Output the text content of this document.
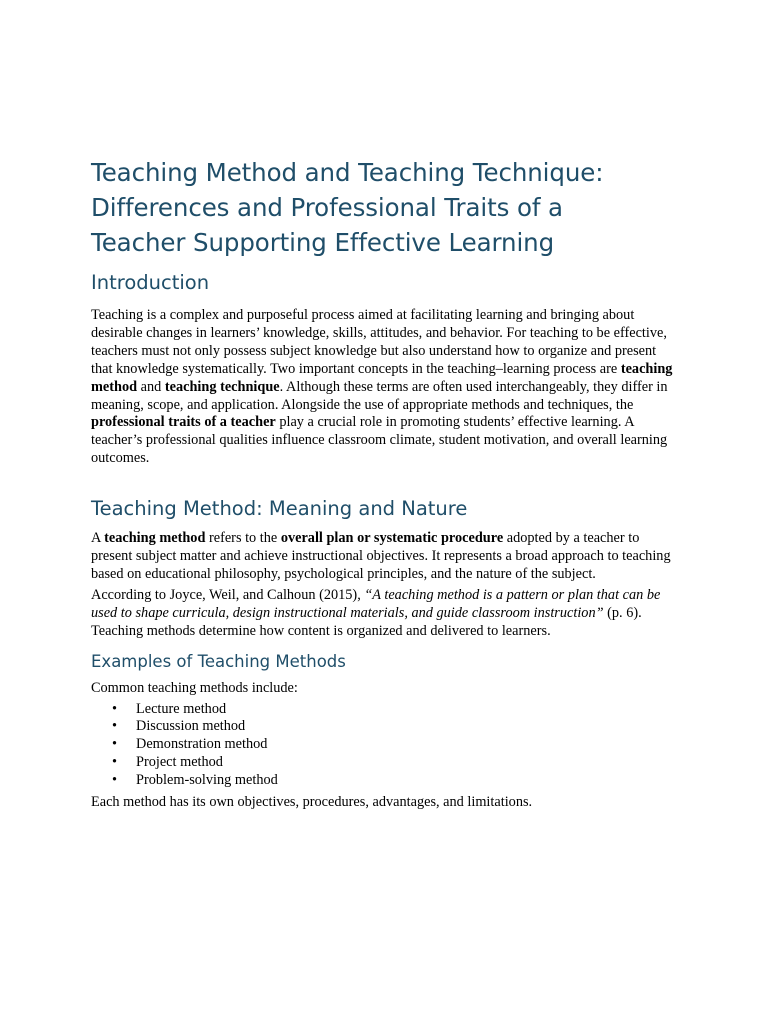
Teaching Method and Teaching Technique:
Differences and Professional Traits of a
Teacher Supporting Effective Learning
Introduction

Teaching is a complex and purposeful process aimed at facilitating learning and bringing about desirable changes in learners’ knowledge, skills, attitudes, and behavior. For teaching to be effective, teachers must not only possess subject knowledge but also understand how to organize and present that knowledge systematically. Two important concepts in the teaching–learning process are teaching method and teaching technique. Although these terms are often used interchangeably, they differ in meaning, scope, and application. Alongside the use of appropriate methods and techniques, the professional traits of a teacher play a crucial role in promoting students’ effective learning. A teacher’s professional qualities influence classroom climate, student motivation, and overall learning outcomes.

Teaching Method: Meaning and Nature

A teaching method refers to the overall plan or systematic procedure adopted by a teacher to present subject matter and achieve instructional objectives. It represents a broad approach to teaching based on educational philosophy, psychological principles, and the nature of the subject.

According to Joyce, Weil, and Calhoun (2015), “A teaching method is a pattern or plan that can be used to shape curricula, design instructional materials, and guide classroom instruction” (p. 6). Teaching methods determine how content is organized and delivered to learners.

Examples of Teaching Methods

Common teaching methods include:

• Lecture method
• Discussion method
• Demonstration method
• Project method
• Problem-solving method

Each method has its own objectives, procedures, advantages, and limitations.
